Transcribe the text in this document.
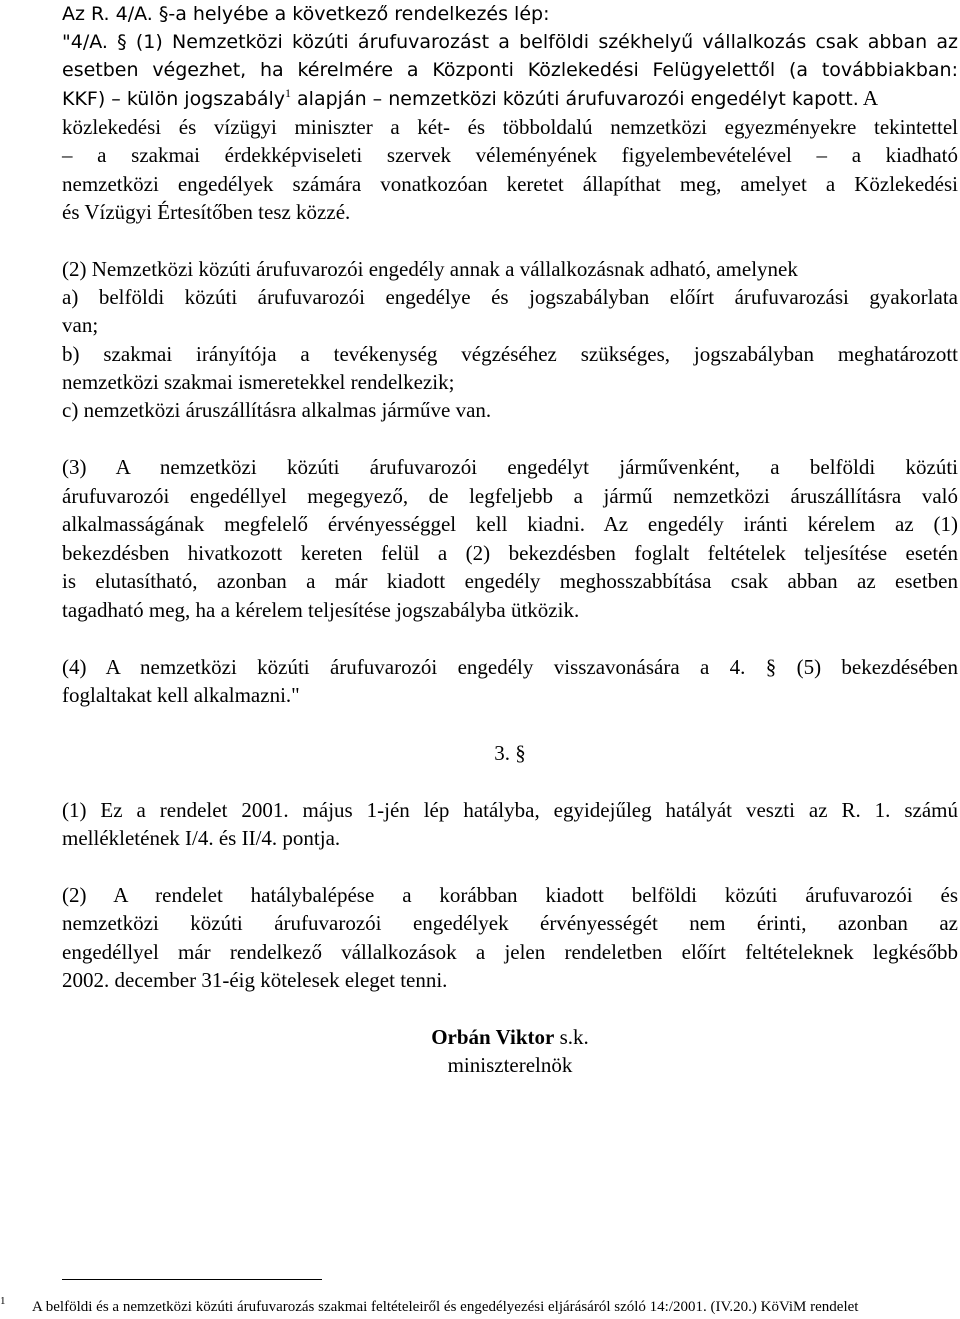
Az R. 4/A. §-a helyébe a következő rendelkezés lép:
"4/A. § (1) Nemzetközi közúti árufuvarozást a belföldi székhelyű vállalkozás csak abban az
esetben végezhet, ha kérelmére a Központi Közlekedési Felügyelettől (a továbbiakban:
KKF) – külön jogszabály$^1$ alapján – nemzetközi közúti árufuvarozói engedélyt kapott. A
közlekedési és vízügyi miniszter a két- és többoldalú nemzetközi egyezményekre tekintettel
– a szakmai érdekképviseleti szervek véleményének figyelembevételével – a kiadható
nemzetközi engedélyek számára vonatkozóan keretet állapíthat meg, amelyet a Közlekedési
és Vízügyi Értesítőben tesz közzé.
(2) Nemzetközi közúti árufuvarozói engedély annak a vállalkozásnak adható, amelynek
a) belföldi közúti árufuvarozói engedélye és jogszabályban előírt árufuvarozási gyakorlata
van;
b) szakmai irányítója a tevékenység végzéséhez szükséges, jogszabályban meghatározott
nemzetközi szakmai ismeretekkel rendelkezik;
c) nemzetközi áruszállításra alkalmas járműve van.
(3) A nemzetközi közúti árufuvarozói engedélyt járművenként, a belföldi közúti
árufuvarozói engedéllyel megegyező, de legfeljebb a jármű nemzetközi áruszállításra való
alkalmasságának megfelelő érvényességgel kell kiadni. Az engedély iránti kérelem az (1)
bekezdésben hivatkozott kereten felül a (2) bekezdésben foglalt feltételek teljesítése esetén
is elutasítható, azonban a már kiadott engedély meghosszabbítása csak abban az esetben
tagadható meg, ha a kérelem teljesítése jogszabályba ütközik.
(4) A nemzetközi közúti árufuvarozói engedély visszavonására a 4. § (5) bekezdésében
foglaltakat kell alkalmazni."
3. §
(1) Ez a rendelet 2001. május 1-jén lép hatályba, egyidejűleg hatályát veszti az R. 1. számú
mellékletének I/4. és II/4. pontja.
(2) A rendelet hatálybalépése a korábban kiadott belföldi közúti árufuvarozói és
nemzetközi közúti árufuvarozói engedélyek érvényességét nem érinti, azonban az
engedéllyel már rendelkező vállalkozások a jelen rendeletben előírt feltételeknek legkésőbb
2002. december 31-éig kötelesek eleget tenni.
Orbán Viktor s.k.
miniszterelnök
1 A belföldi és a nemzetközi közúti árufuvarozás szakmai feltételeiről és engedélyezési eljárásáról szóló 14:/2001. (IV.20.) KöViM rendelet
